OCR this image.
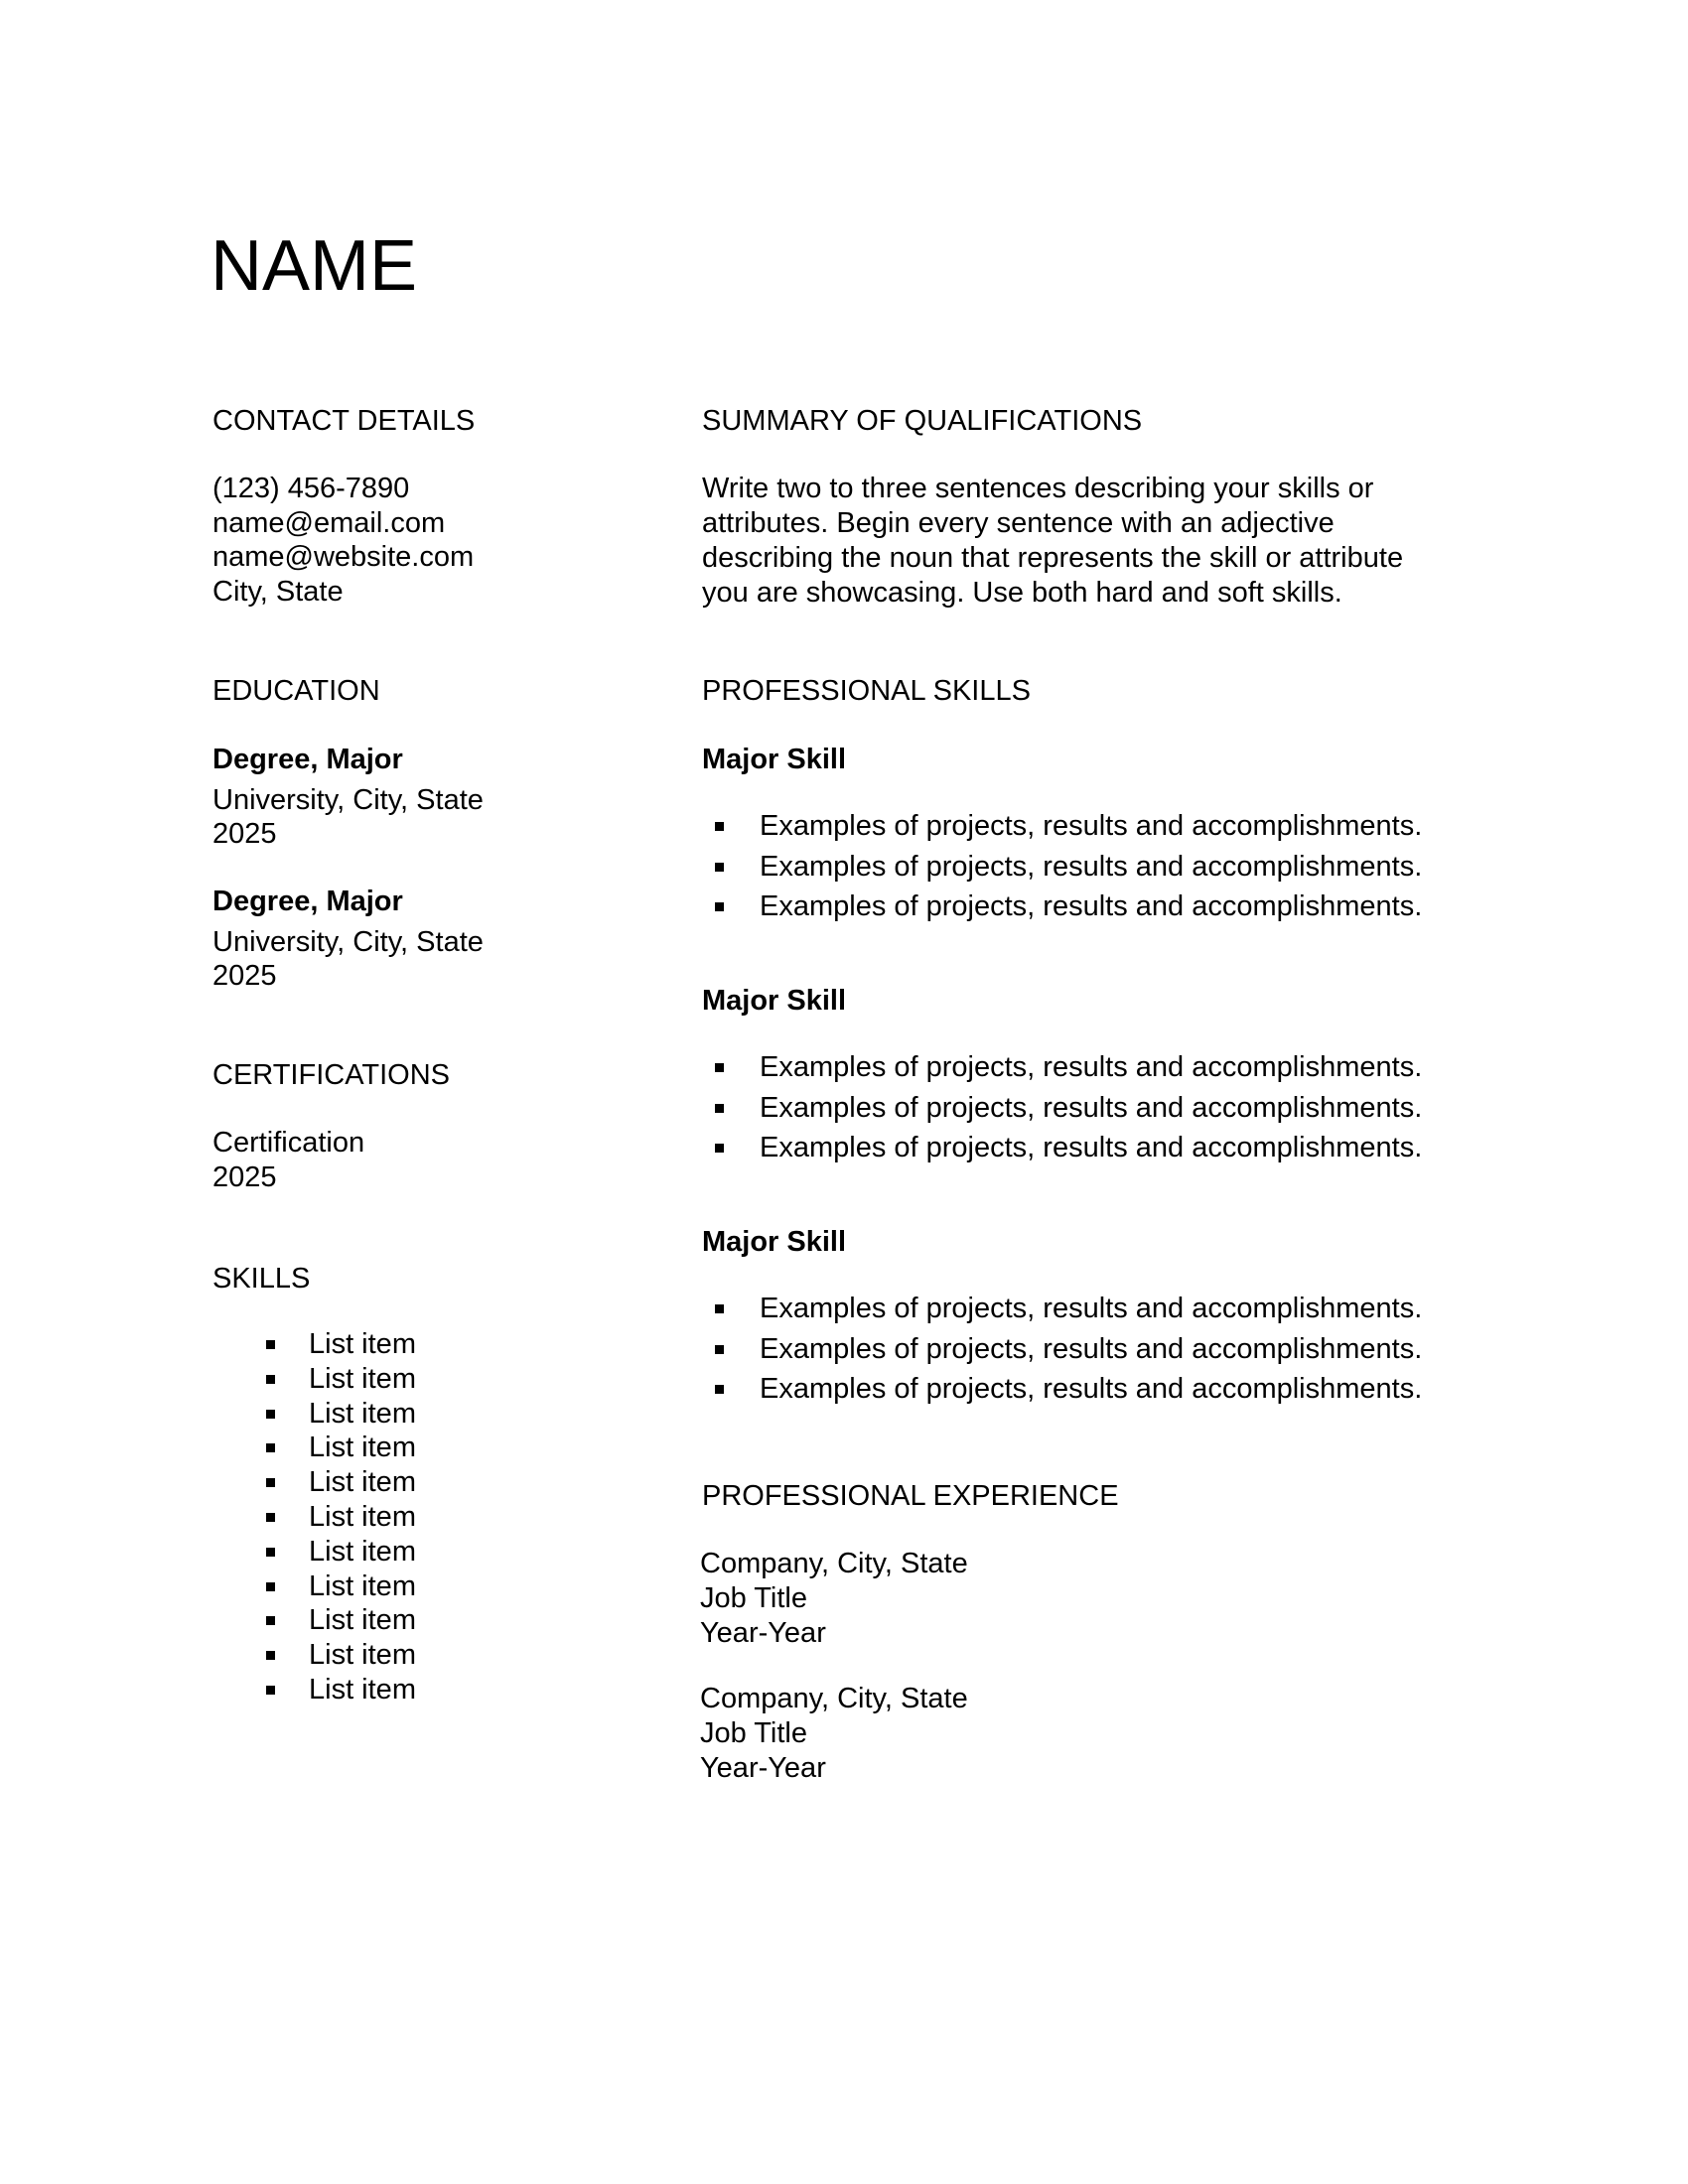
NAME
CONTACT DETAILS
(123) 456-7890
name@email.com
name@website.com
City, State
EDUCATION
Degree, Major
University, City, State
2025
Degree, Major
University, City, State
2025
CERTIFICATIONS
Certification
2025
SKILLS
List item
List item
List item
List item
List item
List item
List item
List item
List item
List item
List item
SUMMARY OF QUALIFICATIONS
Write two to three sentences describing your skills or
attributes. Begin every sentence with an adjective
describing the noun that represents the skill or attribute
you are showcasing. Use both hard and soft skills.
PROFESSIONAL SKILLS
Major Skill
Examples of projects, results and accomplishments.
Examples of projects, results and accomplishments.
Examples of projects, results and accomplishments.
Major Skill
Examples of projects, results and accomplishments.
Examples of projects, results and accomplishments.
Examples of projects, results and accomplishments.
Major Skill
Examples of projects, results and accomplishments.
Examples of projects, results and accomplishments.
Examples of projects, results and accomplishments.
PROFESSIONAL EXPERIENCE
Company, City, State
Job Title
Year-Year
Company, City, State
Job Title
Year-Year
